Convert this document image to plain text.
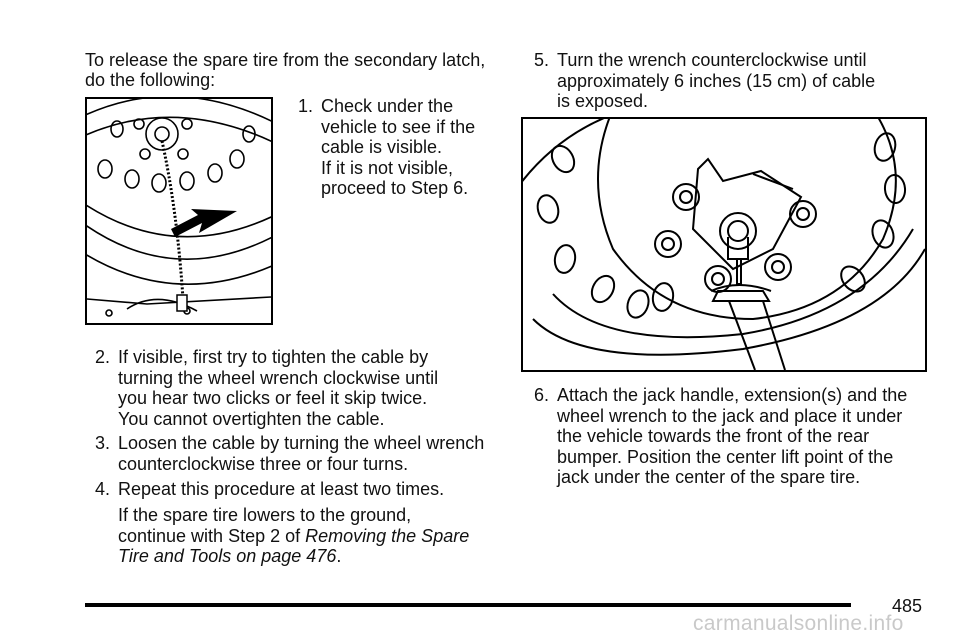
To release the spare tire from the secondary latch,

do the following:

1. Check under the
vehicle to see if the
cable is visible.
If it is not visible,
proceed to Step 6.
2. If visible, first try to tighten the cable by
turning the wheel wrench clockwise until
you hear two clicks or feel it skip twice.
You cannot overtighten the cable.
3. Loosen the cable by turning the wheel wrench
counterclockwise three or four turns.
4. Repeat this procedure at least two times.
If the spare tire lowers to the ground,
continue with Step 2 of Removing the Spare
Tire and Tools on page 476.
5. Turn the wrench counterclockwise until
approximately 6 inches (15 cm) of cable
is exposed.
6. Attach the jack handle, extension(s) and the
wheel wrench to the jack and place it under
the vehicle towards the front of the rear
bumper. Position the center lift point of the
jack under the center of the spare tire.
485
carmanualsonline.info
